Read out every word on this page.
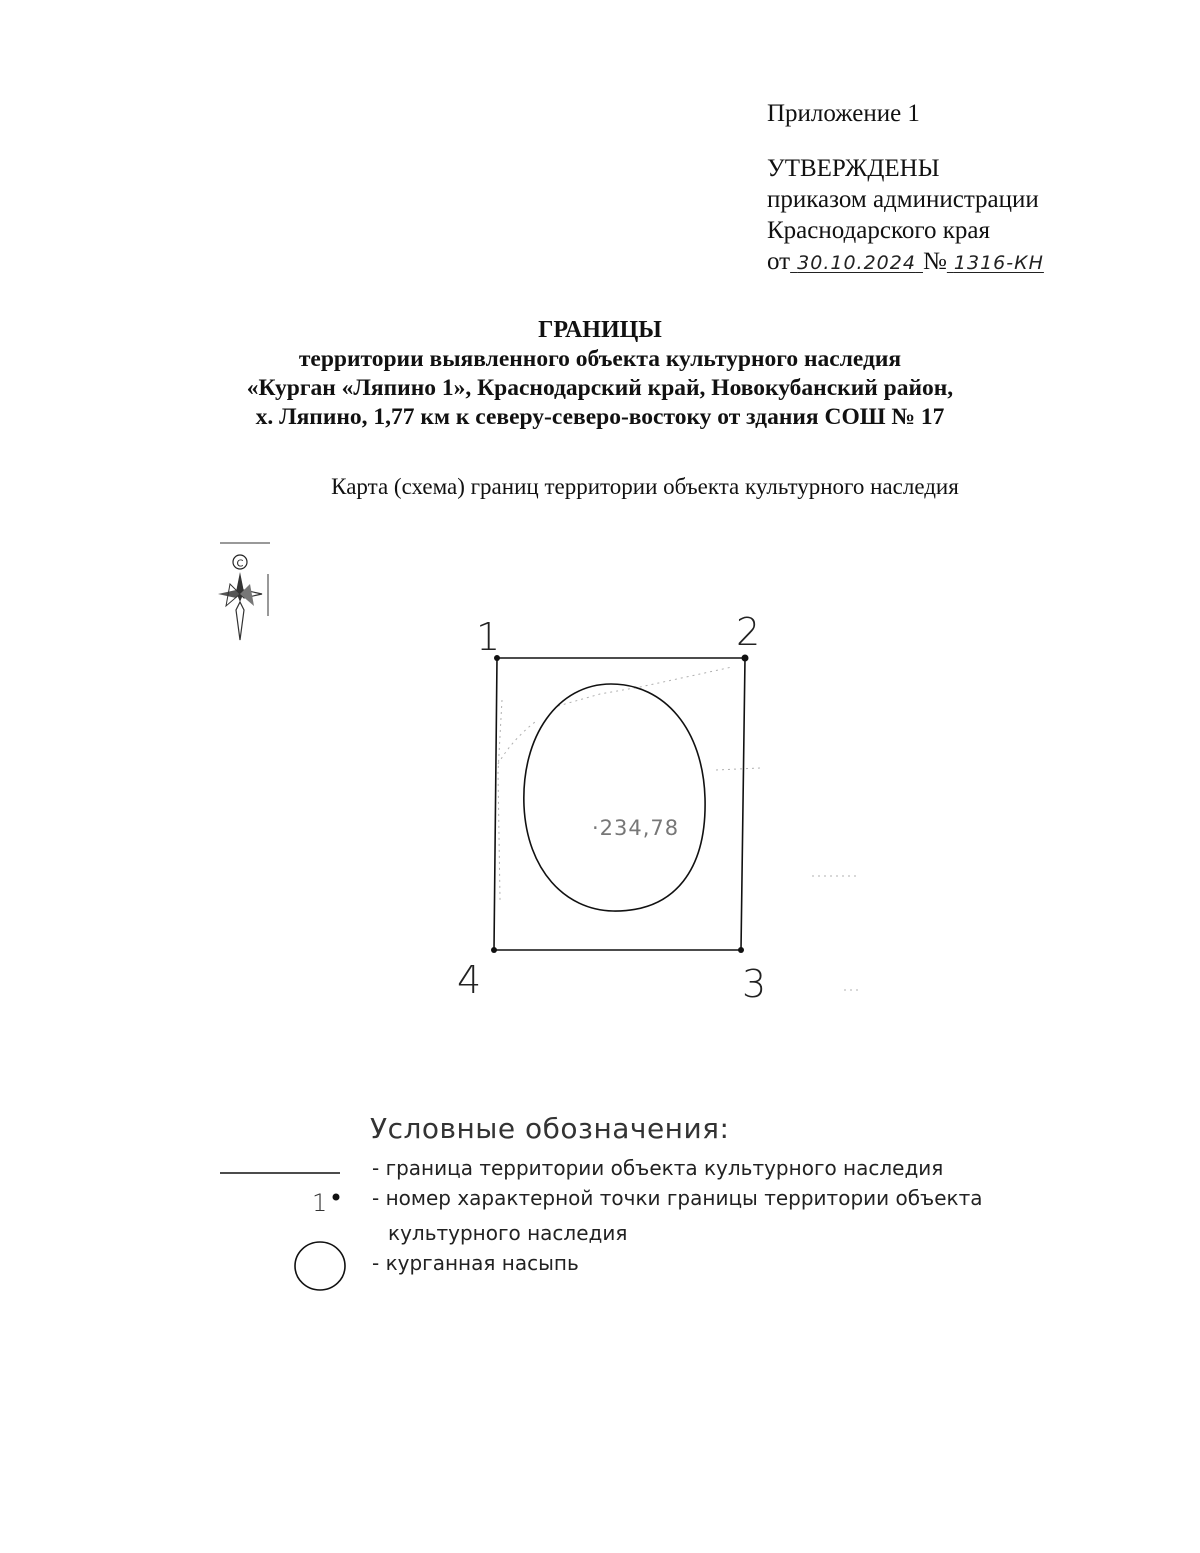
Приложение 1
УТВЕРЖДЕНЫ
приказом администрации
Краснодарского края
от 30.10.2024 № 1316-КН
ГРАНИЦЫ
территории выявленного объекта культурного наследия
«Курган «Ляпино 1», Краснодарский край, Новокубанский район,
х. Ляпино, 1,77 км к северу-северо-востоку от здания СОШ № 17
Карта (схема) границ территории объекта культурного наследия
С
1	2
3
4
·234,78
Условные обозначения:
1
- граница территории объекта культурного наследия
- номер характерной точки границы территории объекта
культурного наследия
- курганная насыпь
